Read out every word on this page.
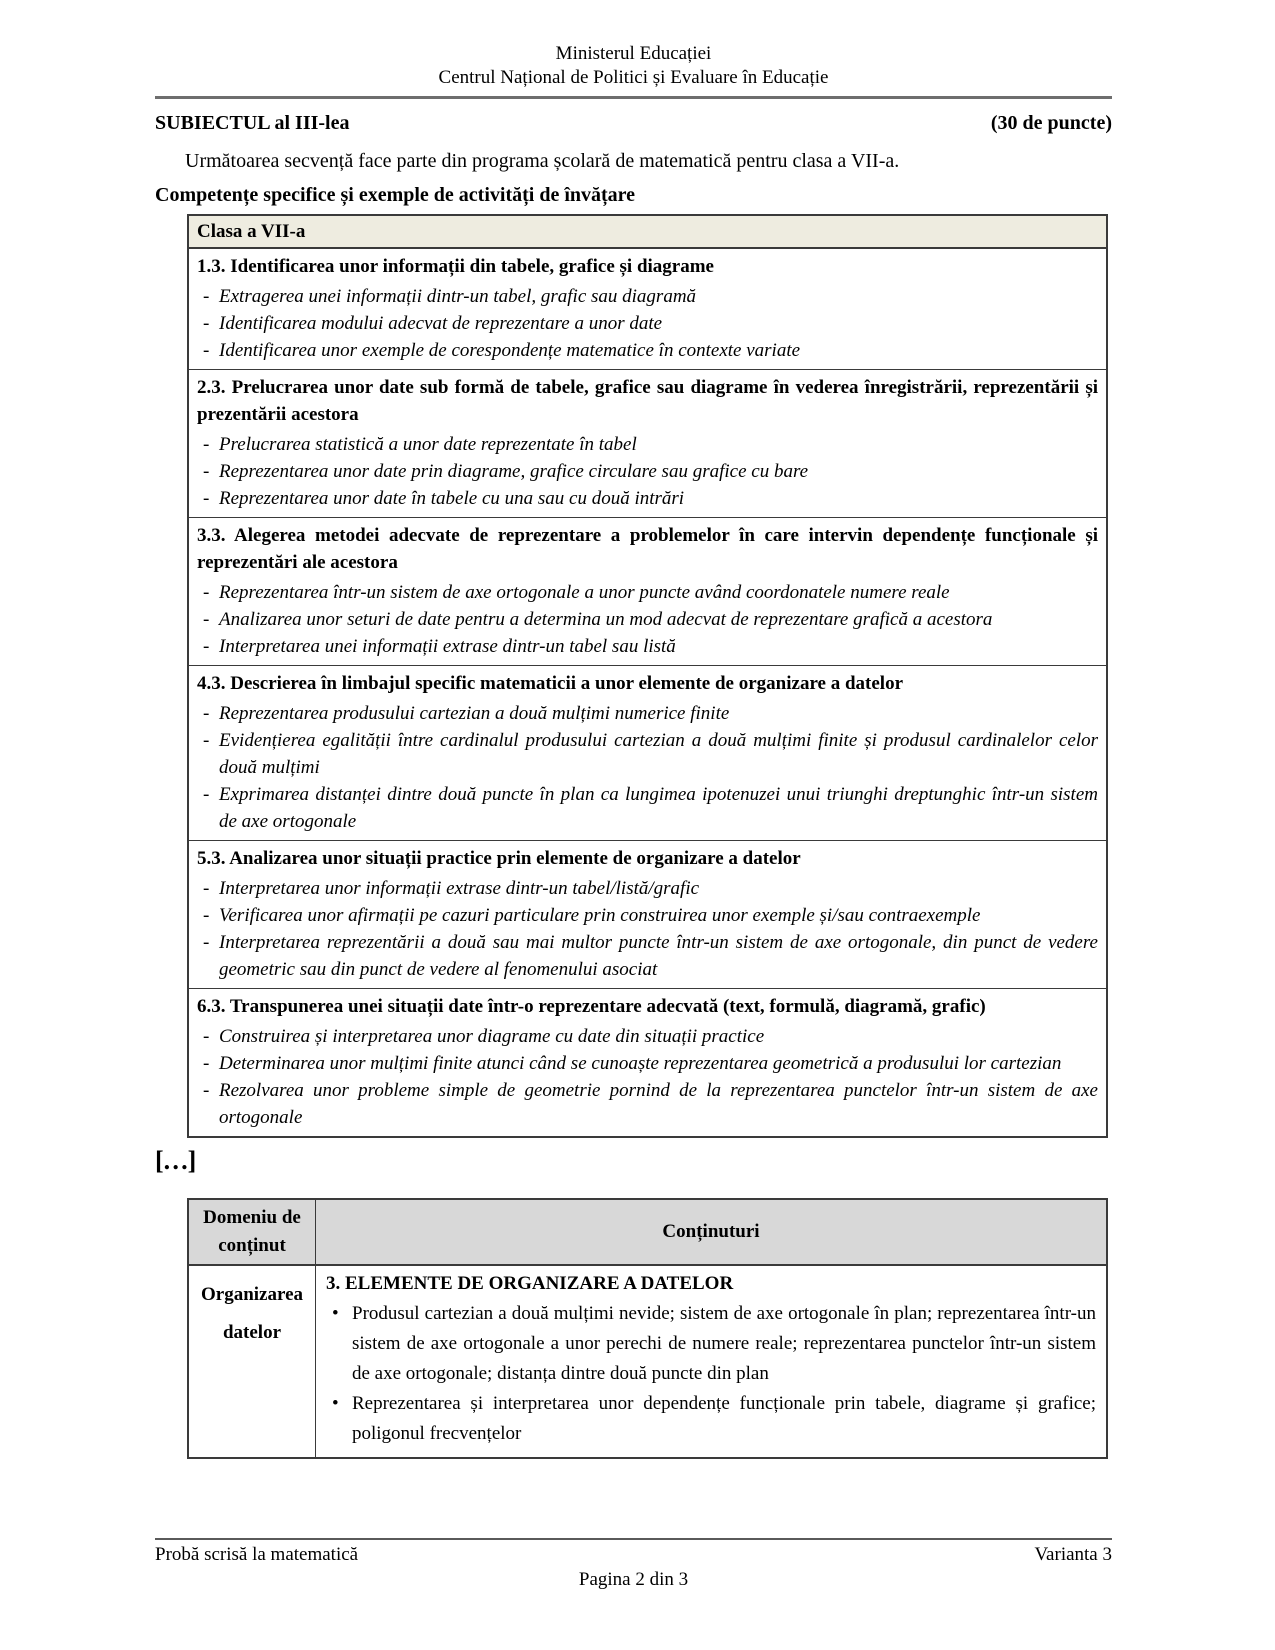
Ministerul Educației
Centrul Național de Politici și Evaluare în Educație
SUBIECTUL al III-lea	(30 de puncte)

Următoarea secvență face parte din programa școlară de matematică pentru clasa a VII-a.

Competențe specifice și exemple de activități de învățare

Clasa a VII-a
1.3. Identificarea unor informații din tabele, grafice și diagrame
- Extragerea unei informații dintr-un tabel, grafic sau diagramă
- Identificarea modului adecvat de reprezentare a unor date
- Identificarea unor exemple de corespondențe matematice în contexte variate
2.3. Prelucrarea unor date sub formă de tabele, grafice sau diagrame în vederea înregistrării, reprezentării și prezentării acestora
- Prelucrarea statistică a unor date reprezentate în tabel
- Reprezentarea unor date prin diagrame, grafice circulare sau grafice cu bare
- Reprezentarea unor date în tabele cu una sau cu două intrări
3.3. Alegerea metodei adecvate de reprezentare a problemelor în care intervin dependențe funcționale și reprezentări ale acestora
- Reprezentarea într-un sistem de axe ortogonale a unor puncte având coordonatele numere reale
- Analizarea unor seturi de date pentru a determina un mod adecvat de reprezentare grafică a acestora
- Interpretarea unei informații extrase dintr-un tabel sau listă
4.3. Descrierea în limbajul specific matematicii a unor elemente de organizare a datelor
- Reprezentarea produsului cartezian a două mulțimi numerice finite
- Evidențierea egalității între cardinalul produsului cartezian a două mulțimi finite și produsul cardinalelor celor două mulțimi
- Exprimarea distanței dintre două puncte în plan ca lungimea ipotenuzei unui triunghi dreptunghic într-un sistem de axe ortogonale
5.3. Analizarea unor situații practice prin elemente de organizare a datelor
- Interpretarea unor informații extrase dintr-un tabel/listă/grafic
- Verificarea unor afirmații pe cazuri particulare prin construirea unor exemple și/sau contraexemple
- Interpretarea reprezentării a două sau mai multor puncte într-un sistem de axe ortogonale, din punct de vedere geometric sau din punct de vedere al fenomenului asociat
6.3. Transpunerea unei situații date într-o reprezentare adecvată (text, formulă, diagramă, grafic)
- Construirea și interpretarea unor diagrame cu date din situații practice
- Determinarea unor mulțimi finite atunci când se cunoaște reprezentarea geometrică a produsului lor cartezian
- Rezolvarea unor probleme simple de geometrie pornind de la reprezentarea punctelor într-un sistem de axe ortogonale
[…]
Domeniu de conținut
Conținuturi
Organizarea datelor
3. ELEMENTE DE ORGANIZARE A DATELOR
• Produsul cartezian a două mulțimi nevide; sistem de axe ortogonale în plan; reprezentarea într-un sistem de axe ortogonale a unor perechi de numere reale; reprezentarea punctelor într-un sistem de axe ortogonale; distanța dintre două puncte din plan
• Reprezentarea și interpretarea unor dependențe funcționale prin tabele, diagrame și grafice; poligonul frecvențelor
Probă scrisă la matematică	Varianta 3
Pagina 2 din 3
